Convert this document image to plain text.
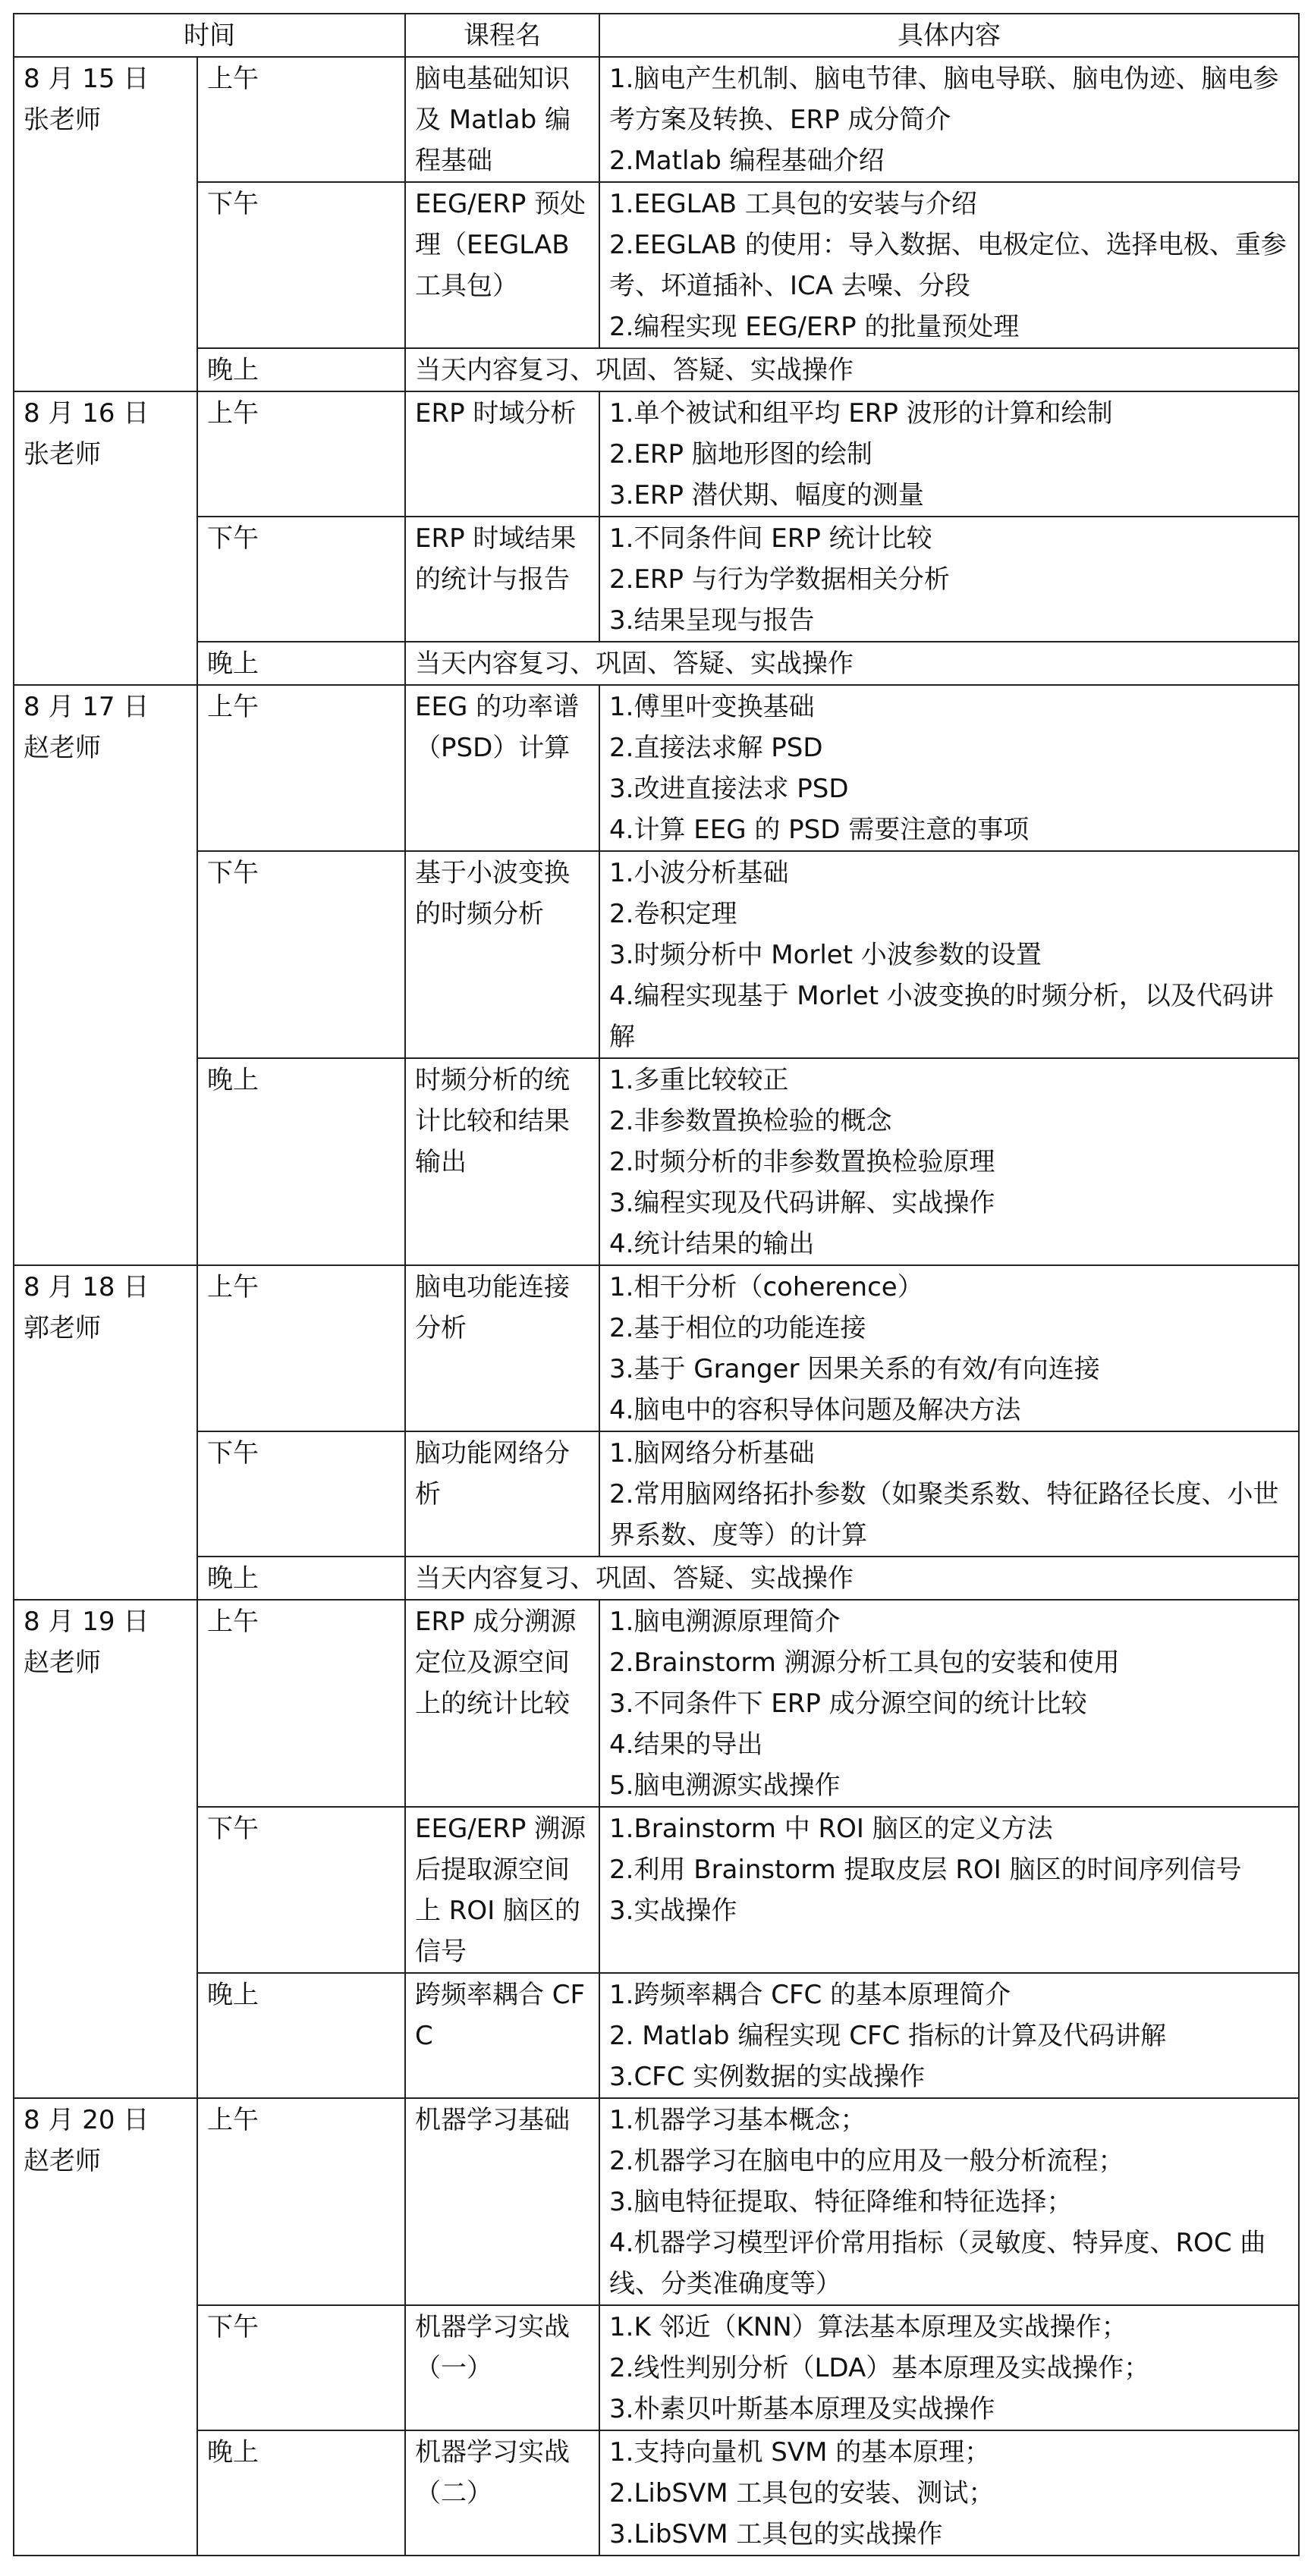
时间		课程名	具体内容

8 月 15 日
张老师	上午	脑电基础知识及 Matlab 编程基础	1.脑电产生机制、脑电节律、脑电导联、脑电伪迹、脑电参考方案及转换、ERP 成分简介
2.Matlab 编程基础介绍

	下午	EEG/ERP 预处理（EEGLAB 工具包）	1.EEGLAB 工具包的安装与介绍
2.EEGLAB 的使用：导入数据、电极定位、选择电极、重参考、坏道插补、ICA 去噪、分段
2.编程实现 EEG/ERP 的批量预处理

	晚上	当天内容复习、巩固、答疑、实战操作	

8 月 16 日
张老师	上午	ERP 时域分析	1.单个被试和组平均 ERP 波形的计算和绘制
2.ERP 脑地形图的绘制
3.ERP 潜伏期、幅度的测量

	下午	ERP 时域结果的统计与报告	1.不同条件间 ERP 统计比较
2.ERP 与行为学数据相关分析
3.结果呈现与报告

	晚上	当天内容复习、巩固、答疑、实战操作	

8 月 17 日
赵老师	上午	EEG 的功率谱（PSD）计算	1.傅里叶变换基础
2.直接法求解 PSD
3.改进直接法求 PSD
4.计算 EEG 的 PSD 需要注意的事项

	下午	基于小波变换的时频分析	1.小波分析基础
2.卷积定理
3.时频分析中 Morlet 小波参数的设置
4.编程实现基于 Morlet 小波变换的时频分析，以及代码讲解

	晚上	时频分析的统计比较和结果输出	1.多重比较较正
2.非参数置换检验的概念
2.时频分析的非参数置换检验原理
3.编程实现及代码讲解、实战操作
4.统计结果的输出

8 月 18 日
郭老师	上午	脑电功能连接分析	1.相干分析（coherence）
2.基于相位的功能连接
3.基于 Granger 因果关系的有效/有向连接
4.脑电中的容积导体问题及解决方法

	下午	脑功能网络分析	1.脑网络分析基础
2.常用脑网络拓扑参数（如聚类系数、特征路径长度、小世界系数、度等）的计算

	晚上	当天内容复习、巩固、答疑、实战操作	

8 月 19 日
赵老师	上午	ERP 成分溯源定位及源空间上的统计比较	1.脑电溯源原理简介
2.Brainstorm 溯源分析工具包的安装和使用
3.不同条件下 ERP 成分源空间的统计比较
4.结果的导出
5.脑电溯源实战操作

	下午	EEG/ERP 溯源后提取源空间上 ROI 脑区的信号	1.Brainstorm 中 ROI 脑区的定义方法
2.利用 Brainstorm 提取皮层 ROI 脑区的时间序列信号
3.实战操作

	晚上	跨频率耦合 CFC	1.跨频率耦合 CFC 的基本原理简介
2. Matlab 编程实现 CFC 指标的计算及代码讲解
3.CFC 实例数据的实战操作

8 月 20 日
赵老师	上午	机器学习基础	1.机器学习基本概念；
2.机器学习在脑电中的应用及一般分析流程；
3.脑电特征提取、特征降维和特征选择；
4.机器学习模型评价常用指标（灵敏度、特异度、ROC 曲线、分类准确度等）

	下午	机器学习实战（一）	1.K 邻近（KNN）算法基本原理及实战操作；
2.线性判别分析（LDA）基本原理及实战操作；
3.朴素贝叶斯基本原理及实战操作

	晚上	机器学习实战（二）	1.支持向量机 SVM 的基本原理；
2.LibSVM 工具包的安装、测试；
3.LibSVM 工具包的实战操作
